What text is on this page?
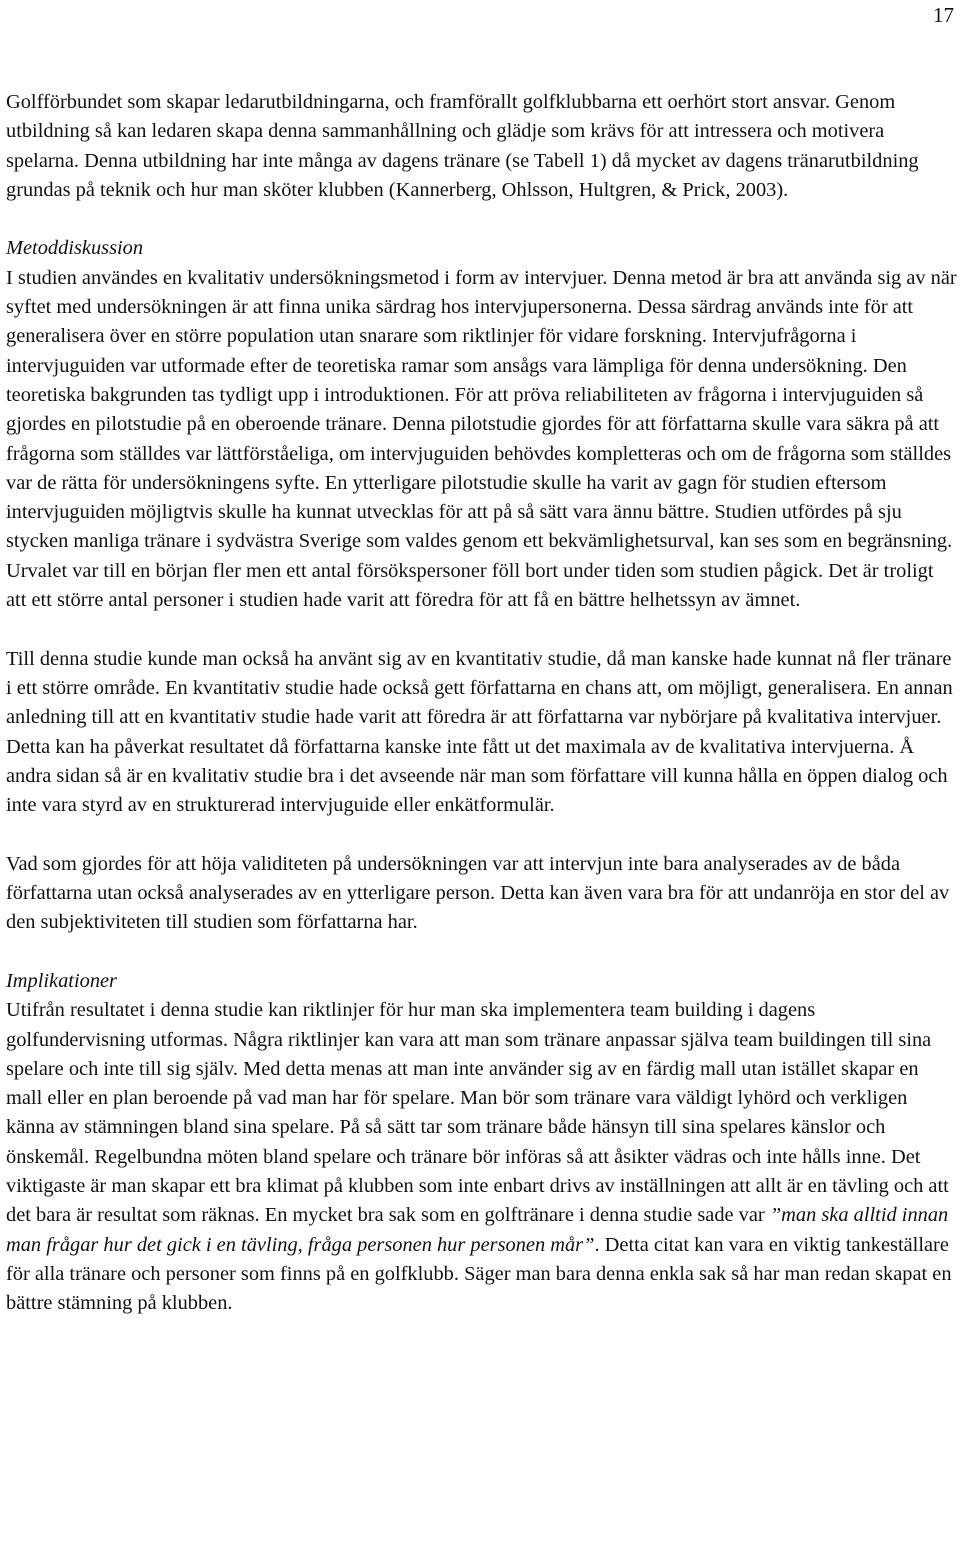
17

Golfförbundet som skapar ledarutbildningarna, och framförallt golfklubbarna ett oerhört stort ansvar. Genom utbildning så kan ledaren skapa denna sammanhållning och glädje som krävs för att intressera och motivera spelarna. Denna utbildning har inte många av dagens tränare (se Tabell 1) då mycket av dagens tränarutbildning grundas på teknik och hur man sköter klubben (Kannerberg, Ohlsson, Hultgren, & Prick, 2003).

Metoddiskussion

I studien användes en kvalitativ undersökningsmetod i form av intervjuer. Denna metod är bra att använda sig av när syftet med undersökningen är att finna unika särdrag hos intervjupersonerna. Dessa särdrag används inte för att generalisera över en större population utan snarare som riktlinjer för vidare forskning. Intervjufrågorna i intervjuguiden var utformade efter de teoretiska ramar som ansågs vara lämpliga för denna undersökning. Den teoretiska bakgrunden tas tydligt upp i introduktionen. För att pröva reliabiliteten av frågorna i intervjuguiden så gjordes en pilotstudie på en oberoende tränare. Denna pilotstudie gjordes för att författarna skulle vara säkra på att frågorna som ställdes var lättförståeliga, om intervjuguiden behövdes kompletteras och om de frågorna som ställdes var de rätta för undersökningens syfte. En ytterligare pilotstudie skulle ha varit av gagn för studien eftersom intervjuguiden möjligtvis skulle ha kunnat utvecklas för att på så sätt vara ännu bättre. Studien utfördes på sju stycken manliga tränare i sydvästra Sverige som valdes genom ett bekvämlighetsurval, kan ses som en begränsning. Urvalet var till en början fler men ett antal försökspersoner föll bort under tiden som studien pågick. Det är troligt att ett större antal personer i studien hade varit att föredra för att få en bättre helhetssyn av ämnet.

Till denna studie kunde man också ha använt sig av en kvantitativ studie, då man kanske hade kunnat nå fler tränare i ett större område. En kvantitativ studie hade också gett författarna en chans att, om möjligt, generalisera. En annan anledning till att en kvantitativ studie hade varit att föredra är att författarna var nybörjare på kvalitativa intervjuer. Detta kan ha påverkat resultatet då författarna kanske inte fått ut det maximala av de kvalitativa intervjuerna. Å andra sidan så är en kvalitativ studie bra i det avseende när man som författare vill kunna hålla en öppen dialog och inte vara styrd av en strukturerad intervjuguide eller enkätformulär.

Vad som gjordes för att höja validiteten på undersökningen var att intervjun inte bara analyserades av de båda författarna utan också analyserades av en ytterligare person. Detta kan även vara bra för att undanröja en stor del av den subjektiviteten till studien som författarna har.

Implikationer

Utifrån resultatet i denna studie kan riktlinjer för hur man ska implementera team building i dagens golfundervisning utformas. Några riktlinjer kan vara att man som tränare anpassar själva team buildingen till sina spelare och inte till sig själv. Med detta menas att man inte använder sig av en färdig mall utan istället skapar en mall eller en plan beroende på vad man har för spelare. Man bör som tränare vara väldigt lyhörd och verkligen känna av stämningen bland sina spelare. På så sätt tar som tränare både hänsyn till sina spelares känslor och önskemål. Regelbundna möten bland spelare och tränare bör införas så att åsikter vädras och inte hålls inne. Det viktigaste är man skapar ett bra klimat på klubben som inte enbart drivs av inställningen att allt är en tävling och att det bara är resultat som räknas. En mycket bra sak som en golftränare i denna studie sade var ”man ska alltid innan man frågar hur det gick i en tävling, fråga personen hur personen mår”. Detta citat kan vara en viktig tankeställare för alla tränare och personer som finns på en golfklubb. Säger man bara denna enkla sak så har man redan skapat en bättre stämning på klubben.
